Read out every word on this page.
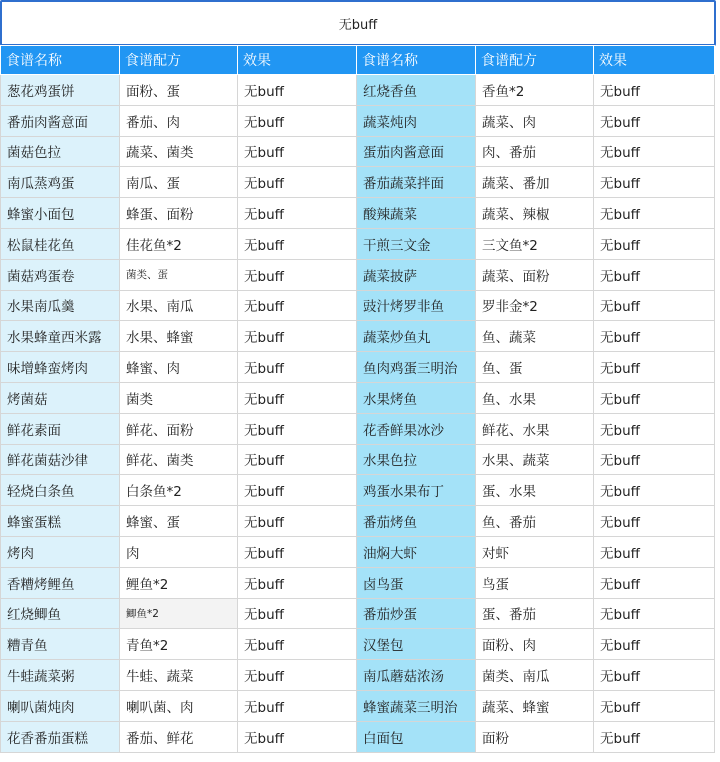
无buff
食谱名称	食谱配方	效果	食谱名称	食谱配方	效果
葱花鸡蛋饼	面粉、蛋	无buff	红烧香鱼	香鱼*2	无buff
番茄肉酱意面	番茄、肉	无buff	蔬菜炖肉	蔬菜、肉	无buff
菌菇色拉	蔬菜、菌类	无buff	蛋茄肉酱意面	肉、番茄	无buff
南瓜蒸鸡蛋	南瓜、蛋	无buff	番茄蔬菜拌面	蔬菜、番加	无buff
蜂蜜小面包	蜂蛋、面粉	无buff	酸辣蔬菜	蔬菜、辣椒	无buff
松鼠桂花鱼	佳花鱼*2	无buff	干煎三文金	三文鱼*2	无buff
菌菇鸡蛋卷	菌类、蛋	无buff	蔬菜披萨	蔬菜、面粉	无buff
水果南瓜羹	水果、南瓜	无buff	豉汁烤罗非鱼	罗非金*2	无buff
水果蜂童西米露	水果、蜂蜜	无buff	蔬菜炒鱼丸	鱼、蔬菜	无buff
味增蜂蛮烤肉	蜂蜜、肉	无buff	鱼肉鸡蛋三明治	鱼、蛋	无buff
烤菌菇	菌类	无buff	水果烤鱼	鱼、水果	无buff
鲜花素面	鲜花、面粉	无buff	花香鲜果冰沙	鲜花、水果	无buff
鲜花菌菇沙律	鲜花、菌类	无buff	水果色拉	水果、蔬菜	无buff
轻烧白条鱼	白条鱼*2	无buff	鸡蛋水果布丁	蛋、水果	无buff
蜂蜜蛋糕	蜂蜜、蛋	无buff	番茄烤鱼	鱼、番茄	无buff
烤肉	肉	无buff	油焖大虾	对虾	无buff
香糟烤鲤鱼	鲤鱼*2	无buff	卤鸟蛋	鸟蛋	无buff
红烧鲫鱼	鲫鱼*2	无buff	番茄炒蛋	蛋、番茄	无buff
糟青鱼	青鱼*2	无buff	汉堡包	面粉、肉	无buff
牛蛙蔬菜粥	牛蛙、蔬菜	无buff	南瓜蘑菇浓汤	菌类、南瓜	无buff
喇叭菌炖肉	喇叭菌、肉	无buff	蜂蜜蔬菜三明治	蔬菜、蜂蜜	无buff
花香番茄蛋糕	番茄、鲜花	无buff	白面包	面粉	无buff
